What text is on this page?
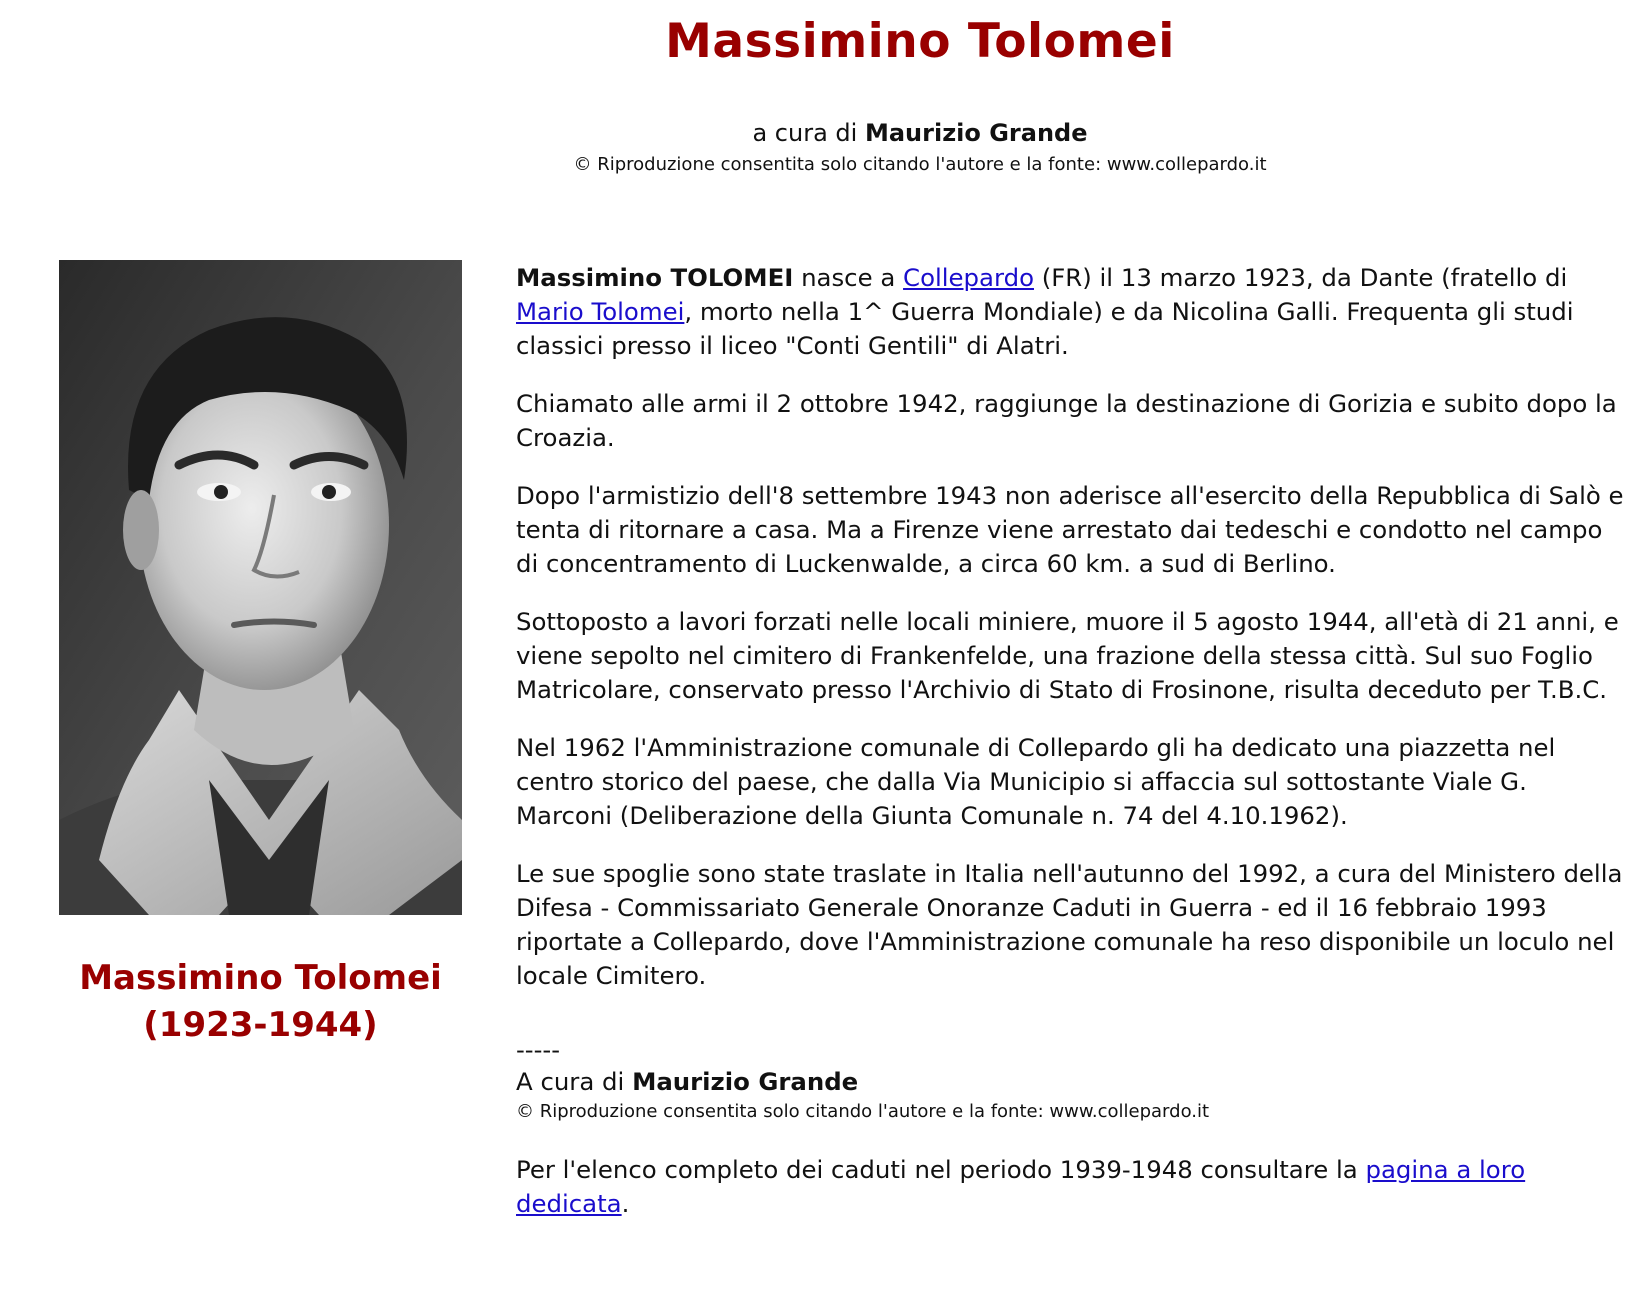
Massimino Tolomei
a cura di Maurizio Grande
© Riproduzione consentita solo citando l'autore e la fonte: www.collepardo.it
Massimino Tolomei
(1923-1944)

Massimino TOLOMEI nasce a Collepardo (FR) il 13 marzo 1923, da Dante (fratello di Mario Tolomei, morto nella 1^ Guerra Mondiale) e da Nicolina Galli. Frequenta gli studi classici presso il liceo "Conti Gentili" di Alatri.

Chiamato alle armi il 2 ottobre 1942, raggiunge la destinazione di Gorizia e subito dopo la Croazia.

Dopo l'armistizio dell'8 settembre 1943 non aderisce all'esercito della Repubblica di Salò e tenta di ritornare a casa. Ma a Firenze viene arrestato dai tedeschi e condotto nel campo di concentramento di Luckenwalde, a circa 60 km. a sud di Berlino.

Sottoposto a lavori forzati nelle locali miniere, muore il 5 agosto 1944, all'età di 21 anni, e viene sepolto nel cimitero di Frankenfelde, una frazione della stessa città. Sul suo Foglio Matricolare, conservato presso l'Archivio di Stato di Frosinone, risulta deceduto per T.B.C.

Nel 1962 l'Amministrazione comunale di Collepardo gli ha dedicato una piazzetta nel centro storico del paese, che dalla Via Municipio si affaccia sul sottostante Viale G. Marconi (Deliberazione della Giunta Comunale n. 74 del 4.10.1962).

Le sue spoglie sono state traslate in Italia nell'autunno del 1992, a cura del Ministero della Difesa - Commissariato Generale Onoranze Caduti in Guerra - ed il 16 febbraio 1993 riportate a Collepardo, dove l'Amministrazione comunale ha reso disponibile un loculo nel locale Cimitero.

-----
A cura di Maurizio Grande
© Riproduzione consentita solo citando l'autore e la fonte: www.collepardo.it

Per l'elenco completo dei caduti nel periodo 1939-1948 consultare la pagina a loro dedicata.
